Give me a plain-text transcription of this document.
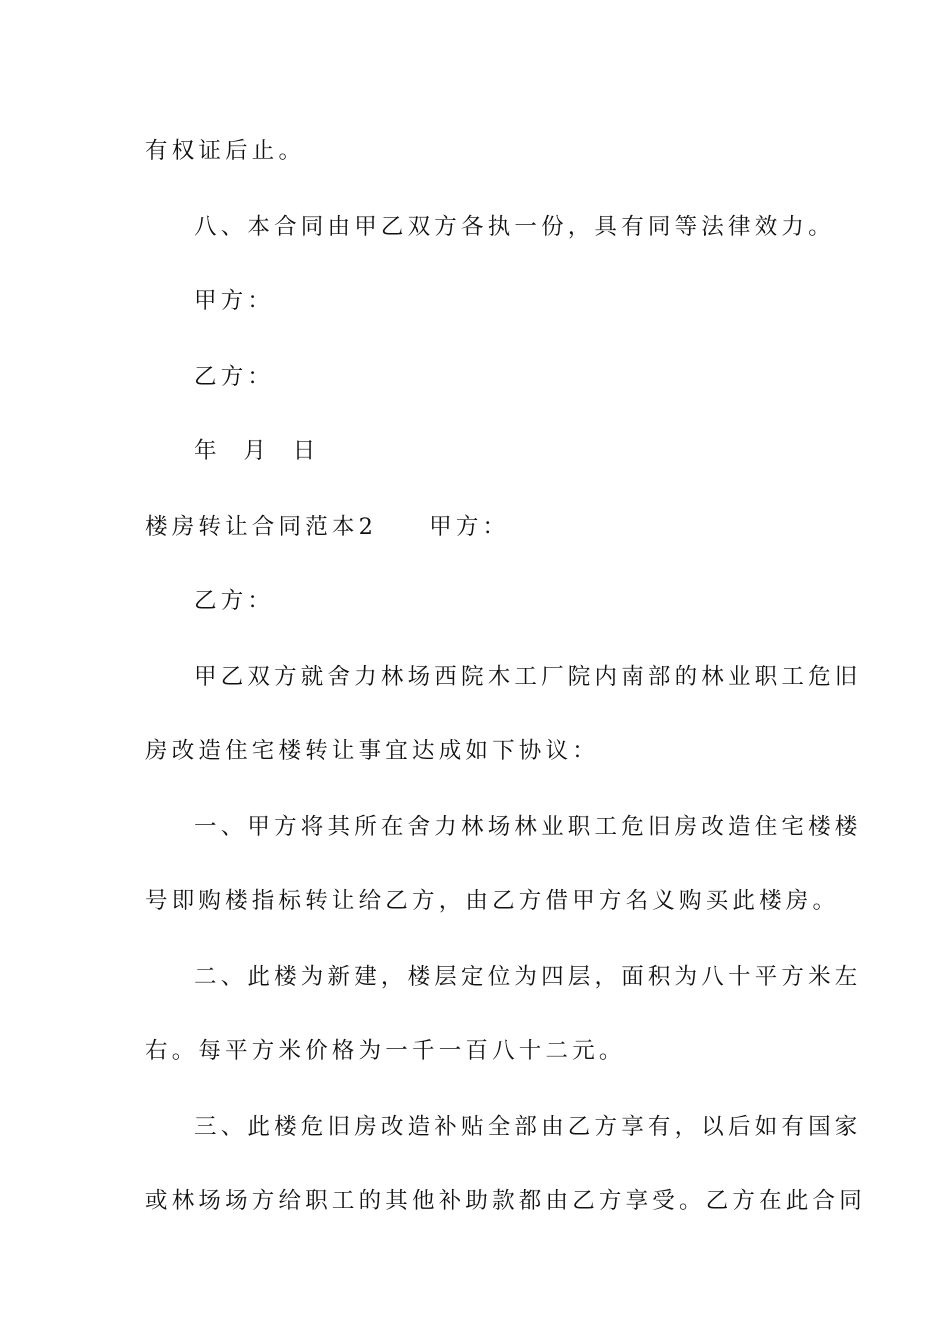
有权证后止。
八、本合同由甲乙双方各执一份，具有同等法律效力。
甲方：
乙方：
年  月  日
楼房转让合同范本2 甲方：
乙方：
甲乙双方就舍力林场西院木工厂院内南部的林业职工危旧
房改造住宅楼转让事宜达成如下协议：
一、甲方将其所在舍力林场林业职工危旧房改造住宅楼楼
号即购楼指标转让给乙方，由乙方借甲方名义购买此楼房。
二、此楼为新建，楼层定位为四层，面积为八十平方米左
右。每平方米价格为一千一百八十二元。
三、此楼危旧房改造补贴全部由乙方享有，以后如有国家
或林场场方给职工的其他补助款都由乙方享受。乙方在此合同
